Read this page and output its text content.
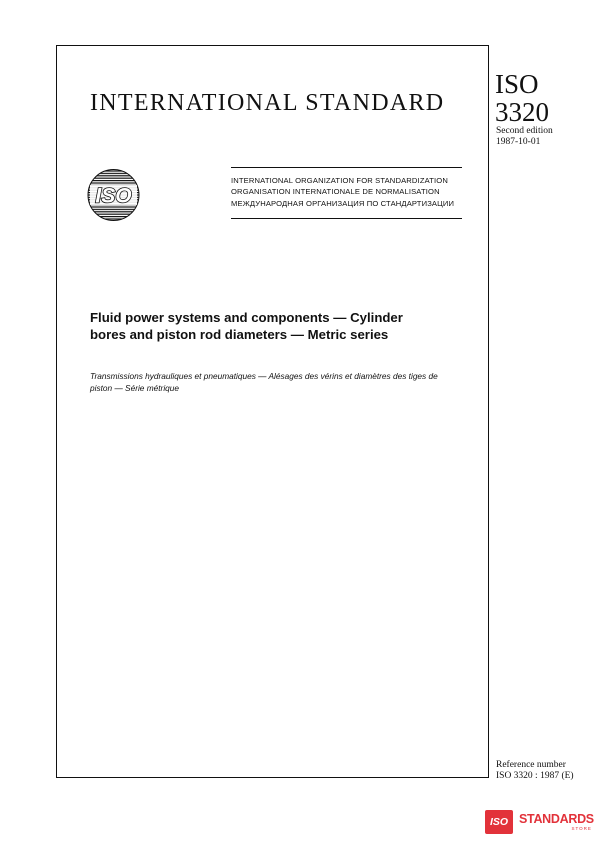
INTERNATIONAL STANDARD
ISO
3320
Second edition
1987-10-01
ISO
INTERNATIONAL ORGANIZATION FOR STANDARDIZATION
ORGANISATION INTERNATIONALE DE NORMALISATION
МЕЖДУНАРОДНАЯ ОРГАНИЗАЦИЯ ПО СТАНДАРТИЗАЦИИ
Fluid power systems and components — Cylinder
bores and piston rod diameters — Metric series
Transmissions hydrauliques et pneumatiques — Alésages des vérins et diamètres des tiges de
piston — Série métrique
Reference number
ISO 3320 : 1987 (E)
ISO STANDARDS
STORE
